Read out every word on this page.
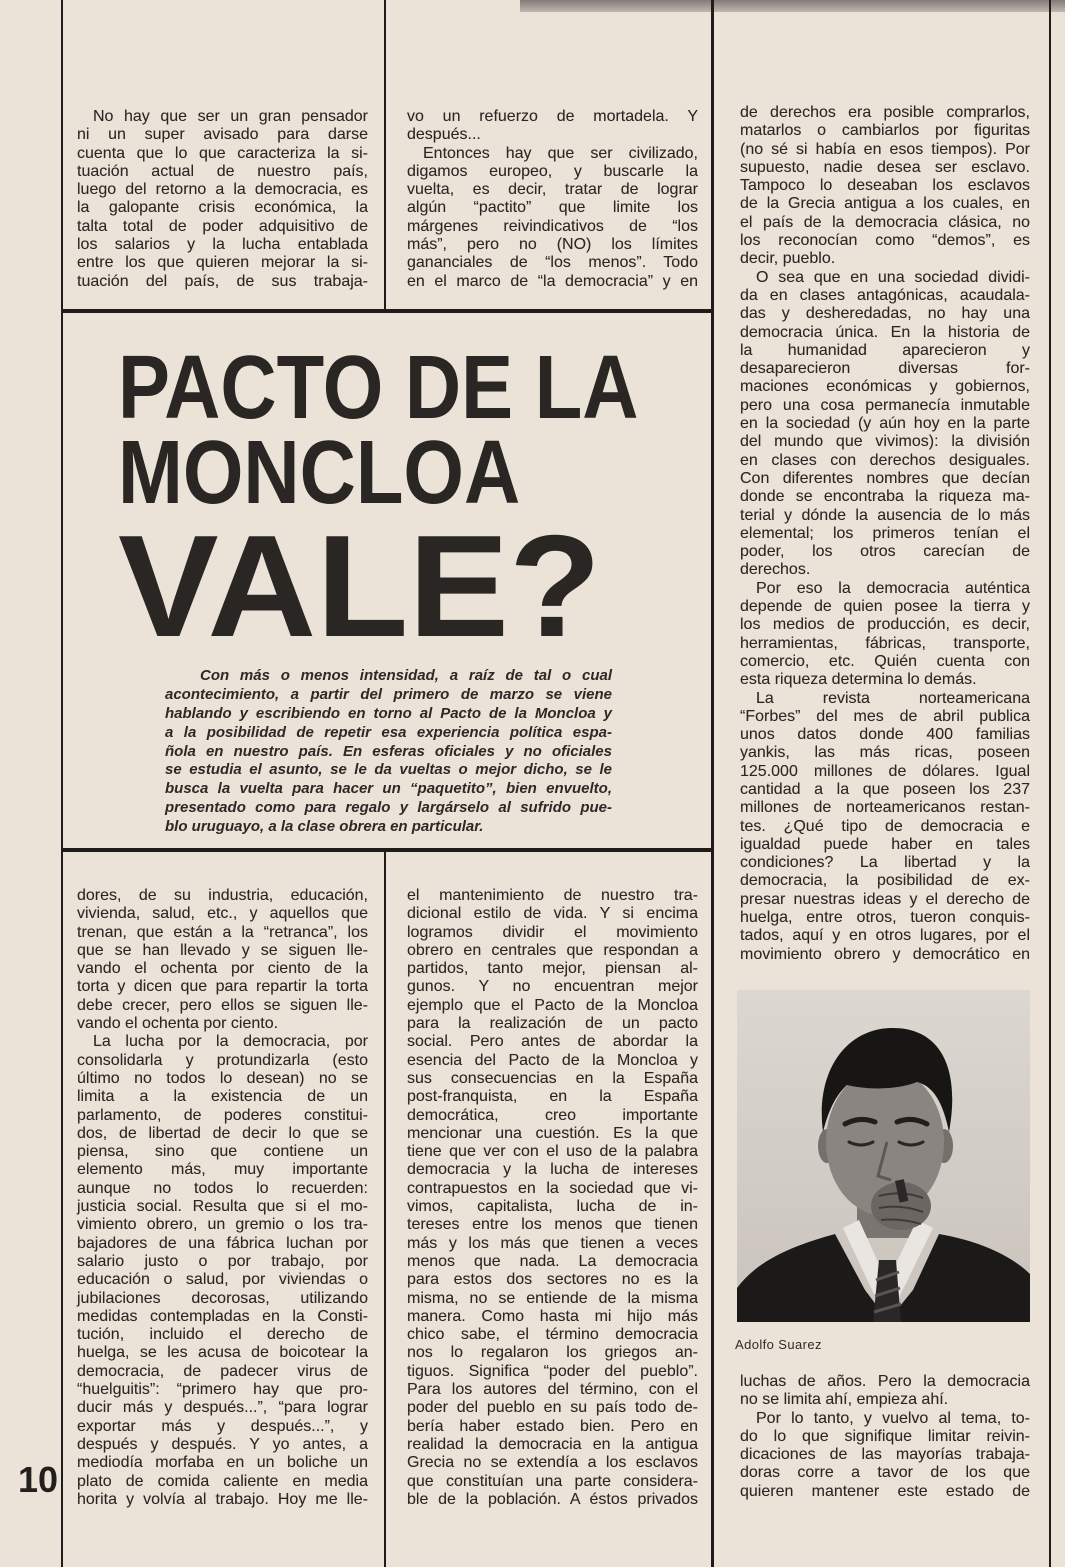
No hay que ser un gran pensador
ni un super avisado para darse
cuenta que lo que caracteriza la si-
tuación actual de nuestro país,
luego del retorno a la democracia, es
la galopante crisis económica, la
talta total de poder adquisitivo de
los salarios y la lucha entablada
entre los que quieren mejorar la si-
tuación del país, de sus trabaja-
dores, de su industria, educación,
vivienda, salud, etc., y aquellos que
trenan, que están a la “retranca”, los
que se han llevado y se siguen lle-
vando el ochenta por ciento de la
torta y dicen que para repartir la torta
debe crecer, pero ellos se siguen lle-
vando el ochenta por ciento.
La lucha por la democracia, por
consolidarla y protundizarla (esto
último no todos lo desean) no se
limita a la existencia de un
parlamento, de poderes constitui-
dos, de libertad de decir lo que se
piensa, sino que contiene un
elemento más, muy importante
aunque no todos lo recuerden:
justicia social. Resulta que si el mo-
vimiento obrero, un gremio o los tra-
bajadores de una fábrica luchan por
salario justo o por trabajo, por
educación o salud, por viviendas o
jubilaciones decorosas, utilizando
medidas contempladas en la Consti-
tución, incluido el derecho de
huelga, se les acusa de boicotear la
democracia, de padecer virus de
“huelguitis”: “primero hay que pro-
ducir más y después...”, “para lograr
exportar más y después...”, y
después y después. Y yo antes, a
mediodía morfaba en un boliche un
plato de comida caliente en media
horita y volvía al trabajo. Hoy me lle-
vo un refuerzo de mortadela. Y
después...
Entonces hay que ser civilizado,
digamos europeo, y buscarle la
vuelta, es decir, tratar de lograr
algún “pactito” que limite los
márgenes reivindicativos de “los
más”, pero no (NO) los límites
gananciales de “los menos”. Todo
en el marco de “la democracia” y en
el mantenimiento de nuestro tra-
dicional estilo de vida. Y si encima
logramos dividir el movimiento
obrero en centrales que respondan a
partidos, tanto mejor, piensan al-
gunos. Y no encuentran mejor
ejemplo que el Pacto de la Moncloa
para la realización de un pacto
social. Pero antes de abordar la
esencia del Pacto de la Moncloa y
sus consecuencias en la España
post-franquista, en la España
democrática, creo importante
mencionar una cuestión. Es la que
tiene que ver con el uso de la palabra
democracia y la lucha de intereses
contrapuestos en la sociedad que vi-
vimos, capitalista, lucha de in-
tereses entre los menos que tienen
más y los más que tienen a veces
menos que nada. La democracia
para estos dos sectores no es la
misma, no se entiende de la misma
manera. Como hasta mi hijo más
chico sabe, el término democracia
nos lo regalaron los griegos an-
tiguos. Significa “poder del pueblo”.
Para los autores del término, con el
poder del pueblo en su país todo de-
bería haber estado bien. Pero en
realidad la democracia en la antigua
Grecia no se extendía a los esclavos
que constituían una parte considera-
ble de la población. A éstos privados
de derechos era posible comprarlos,
matarlos o cambiarlos por figuritas
(no sé si había en esos tiempos). Por
supuesto, nadie desea ser esclavo.
Tampoco lo deseaban los esclavos
de la Grecia antigua a los cuales, en
el país de la democracia clásica, no
los reconocían como “demos”, es
decir, pueblo.
O sea que en una sociedad dividi-
da en clases antagónicas, acaudala-
das y desheredadas, no hay una
democracia única. En la historia de
la humanidad aparecieron y
desaparecieron diversas for-
maciones económicas y gobiernos,
pero una cosa permanecía inmutable
en la sociedad (y aún hoy en la parte
del mundo que vivimos): la división
en clases con derechos desiguales.
Con diferentes nombres que decían
donde se encontraba la riqueza ma-
terial y dónde la ausencia de lo más
elemental; los primeros tenían el
poder, los otros carecían de
derechos.
Por eso la democracia auténtica
depende de quien posee la tierra y
los medios de producción, es decir,
herramientas, fábricas, transporte,
comercio, etc. Quién cuenta con
esta riqueza determina lo demás.
La revista norteamericana
“Forbes” del mes de abril publica
unos datos donde 400 familias
yankis, las más ricas, poseen
125.000 millones de dólares. Igual
cantidad a la que poseen los 237
millones de norteamericanos restan-
tes. ¿Qué tipo de democracia e
igualdad puede haber en tales
condiciones? La libertad y la
democracia, la posibilidad de ex-
presar nuestras ideas y el derecho de
huelga, entre otros, tueron conquis-
tados, aquí y en otros lugares, por el
movimiento obrero y democrático en
luchas de años. Pero la democracia
no se limita ahí, empieza ahí.
Por lo tanto, y vuelvo al tema, to-
do lo que signifique limitar reivin-
dicaciones de las mayorías trabaja-
doras corre a tavor de los que
quieren mantener este estado de
PACTO DE LA
MONCLOA
VALE?
Con más o menos intensidad, a raíz de tal o cual
acontecimiento, a partir del primero de marzo se viene
hablando y escribiendo en torno al Pacto de la Moncloa y
a la posibilidad de repetir esa experiencia política espa-
ñola en nuestro país. En esferas oficiales y no oficiales
se estudia el asunto, se le da vueltas o mejor dicho, se le
busca la vuelta para hacer un “paquetito”, bien envuelto,
presentado como para regalo y largárselo al sufrido pue-
blo uruguayo, a la clase obrera en particular.
Adolfo Suarez
10
